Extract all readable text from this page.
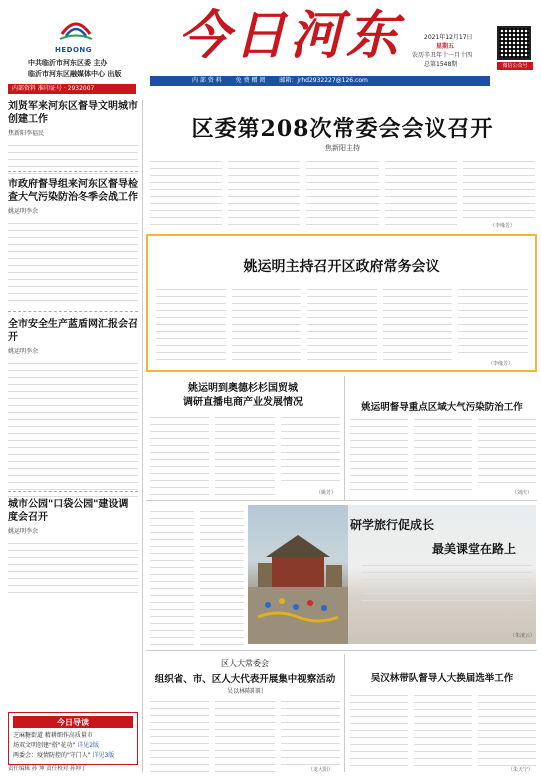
HEDONG
中共临沂市河东区委 主办
临沂市河东区融媒体中心 出版
内部资料 准印证号 · 2932007
今日河东
内 部 资 料 免 费 赠 阅 邮箱：jrhd2932227@126.com
2021年12月17日
星期五
农历辛丑年十一月十四
总第1548期	微信公众号
刘贤军来河东区督导文明城市创建工作
焦新阳李福民
市政府督导组来河东区督导检查大气污染防治冬季会战工作
姚运明李余
全市安全生产蓝盾网汇报会召开
姚运明李余
城市公园"口袋公园"建设调度会召开
姚运明李余
今日导读
芝麻糖街道 精耕细作高质量市
场双文明创建"搭"花功" 详见2版
两委会：疫情防控的"守门人" 详见3版
责任编辑 孙 坤 责任校对 孙坤丁
区委第208次常委会会议召开
焦新阳主持
（李缘芳）
姚运明主持召开区政府常务会议
（李缘芳）
姚运明到奥德杉杉国贸城
调研直播电商产业发展情况
（姚芳）
姚运明督导重点区域大气污染防治工作
（刘庆）
研学旅行促成长
最美课堂在路上
（朱凌云）
区人大常委会
组织省、市、区人大代表开展集中视察活动
吴以林陈阳阳
（龙大阳）
吴汉林带队督导人大换届选举工作
（朱天宁）
